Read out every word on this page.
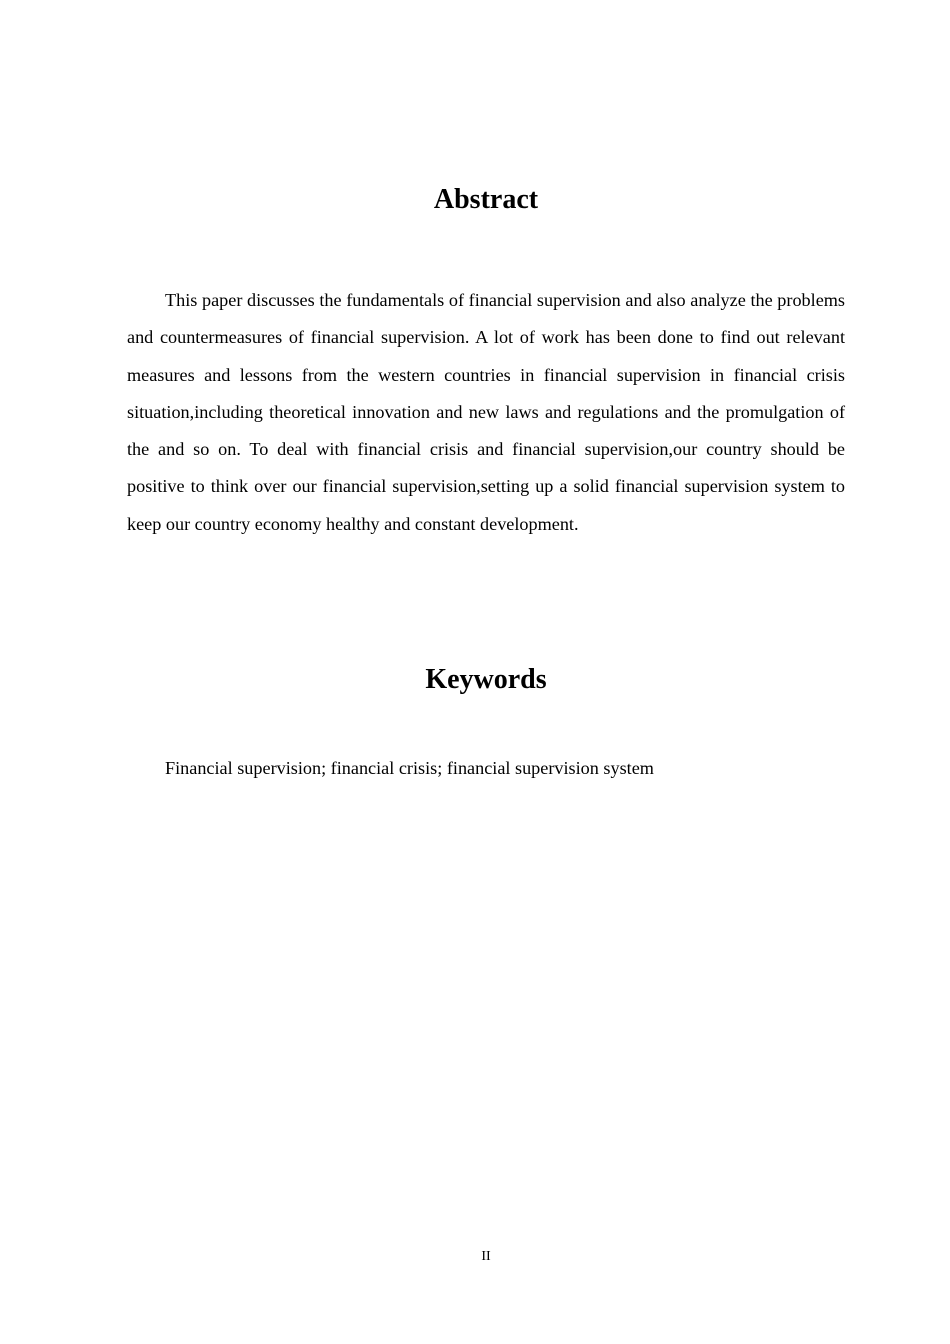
Abstract

This paper discusses the fundamentals of financial supervision and also analyze the problems and countermeasures of financial supervision. A lot of work has been done to find out relevant measures and lessons from the western countries in financial supervision in financial crisis situation,including theoretical innovation and new laws and regulations and the promulgation of the and so on. To deal with financial crisis and financial supervision,our country should be positive to think over our financial supervision,setting up a solid financial supervision system to keep our country economy healthy and constant development.

Keywords

Financial supervision; financial crisis; financial supervision system

II
